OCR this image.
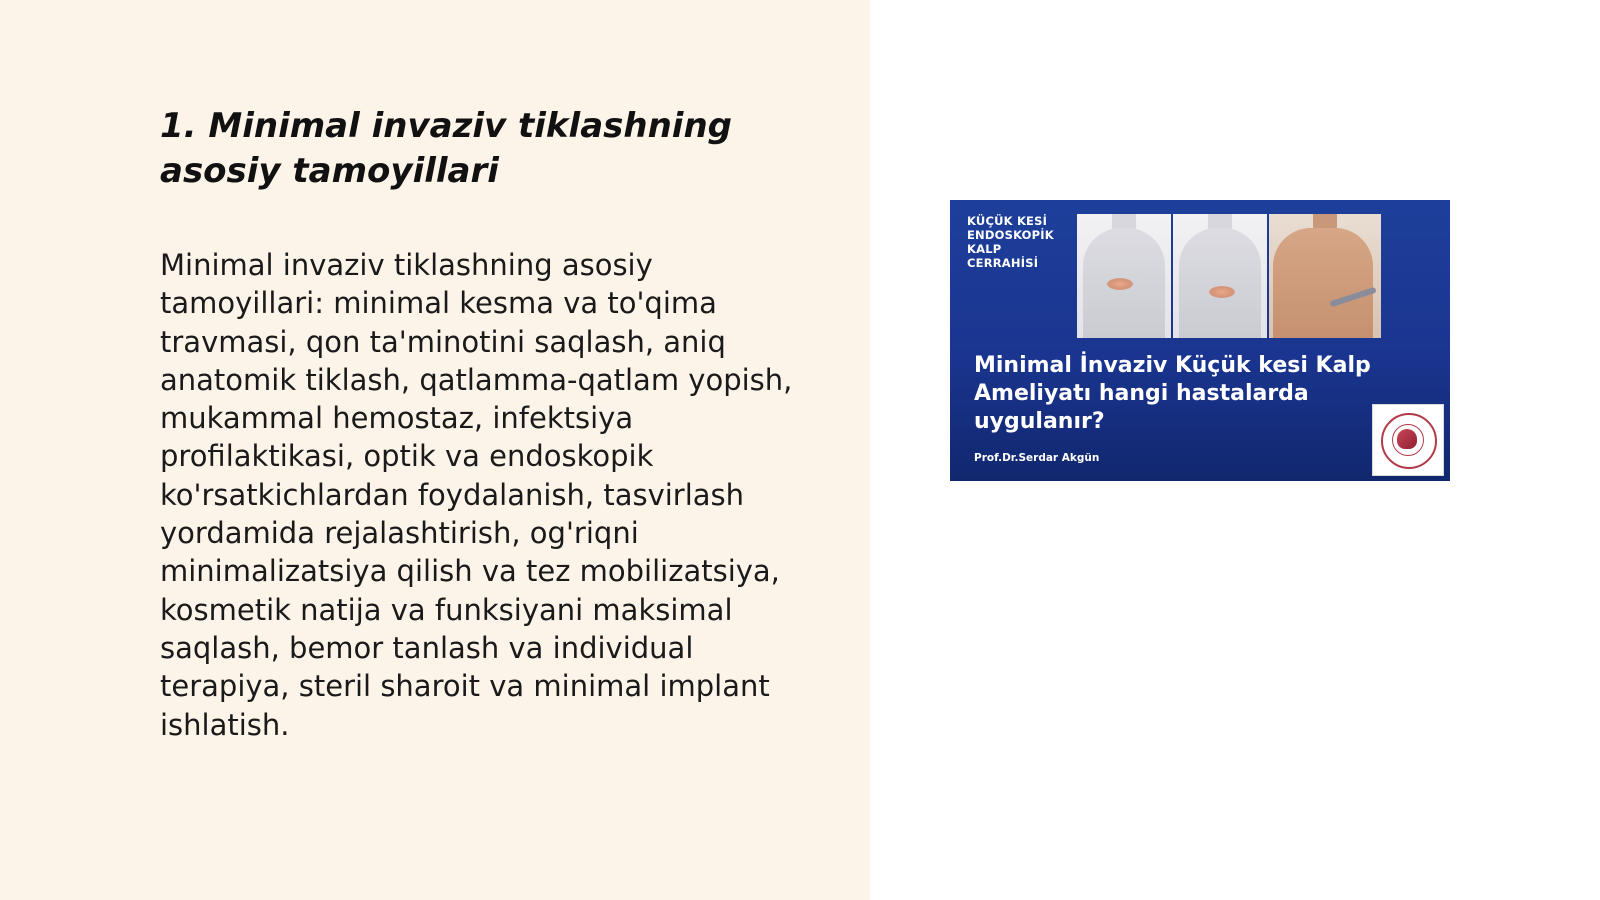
1. Minimal invaziv tiklashning asosiy tamoyillari

Minimal invaziv tiklashning asosiy tamoyillari: minimal kesma va to'qima travmasi, qon ta'minotini saqlash, aniq anatomik tiklash, qatlamma-qatlam yopish, mukammal hemostaz, infektsiya profilaktikasi, optik va endoskopik ko'rsatkichlardan foydalanish, tasvirlash yordamida rejalashtirish, og'riqni minimalizatsiya qilish va tez mobilizatsiya, kosmetik natija va funksiyani maksimal saqlash, bemor tanlash va individual terapiya, steril sharoit va minimal implant ishlatish.

KÜÇÜK KESİ
ENDOSKOPİK
KALP
CERRAHİSİ

Minimal İnvaziv Küçük kesi Kalp Ameliyatı hangi hastalarda uygulanır?

Prof.Dr.Serdar Akgün
